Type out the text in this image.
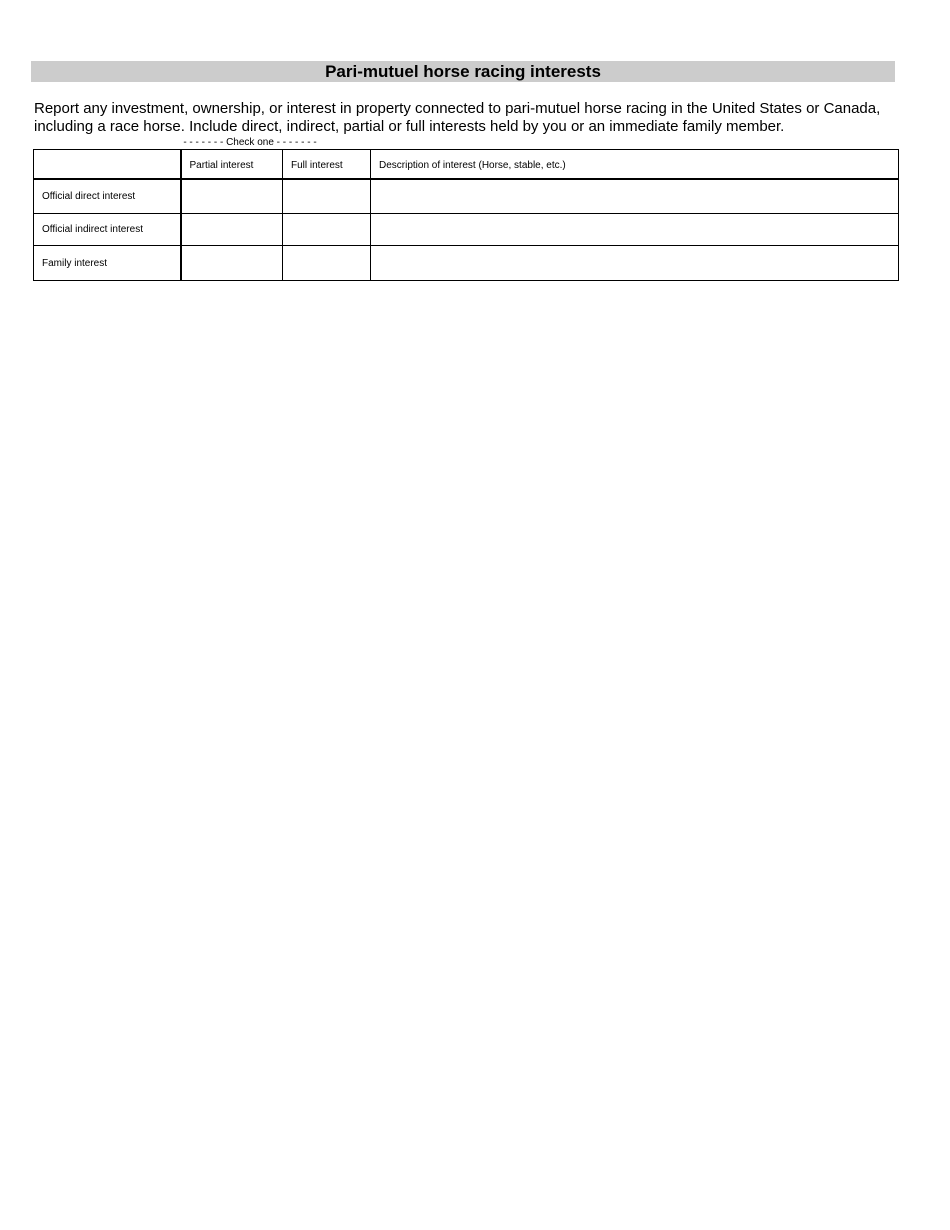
Pari-mutuel horse racing interests

Report any investment, ownership, or interest in property connected to pari-mutuel horse racing in the United States or Canada, including a race horse. Include direct, indirect, partial or full interests held by you or an immediate family member.

- - - - - - - Check one - - - - - - -
	Partial interest	Full interest	Description of interest (Horse, stable, etc.)
Official direct interest			
Official indirect interest			
Family interest			
